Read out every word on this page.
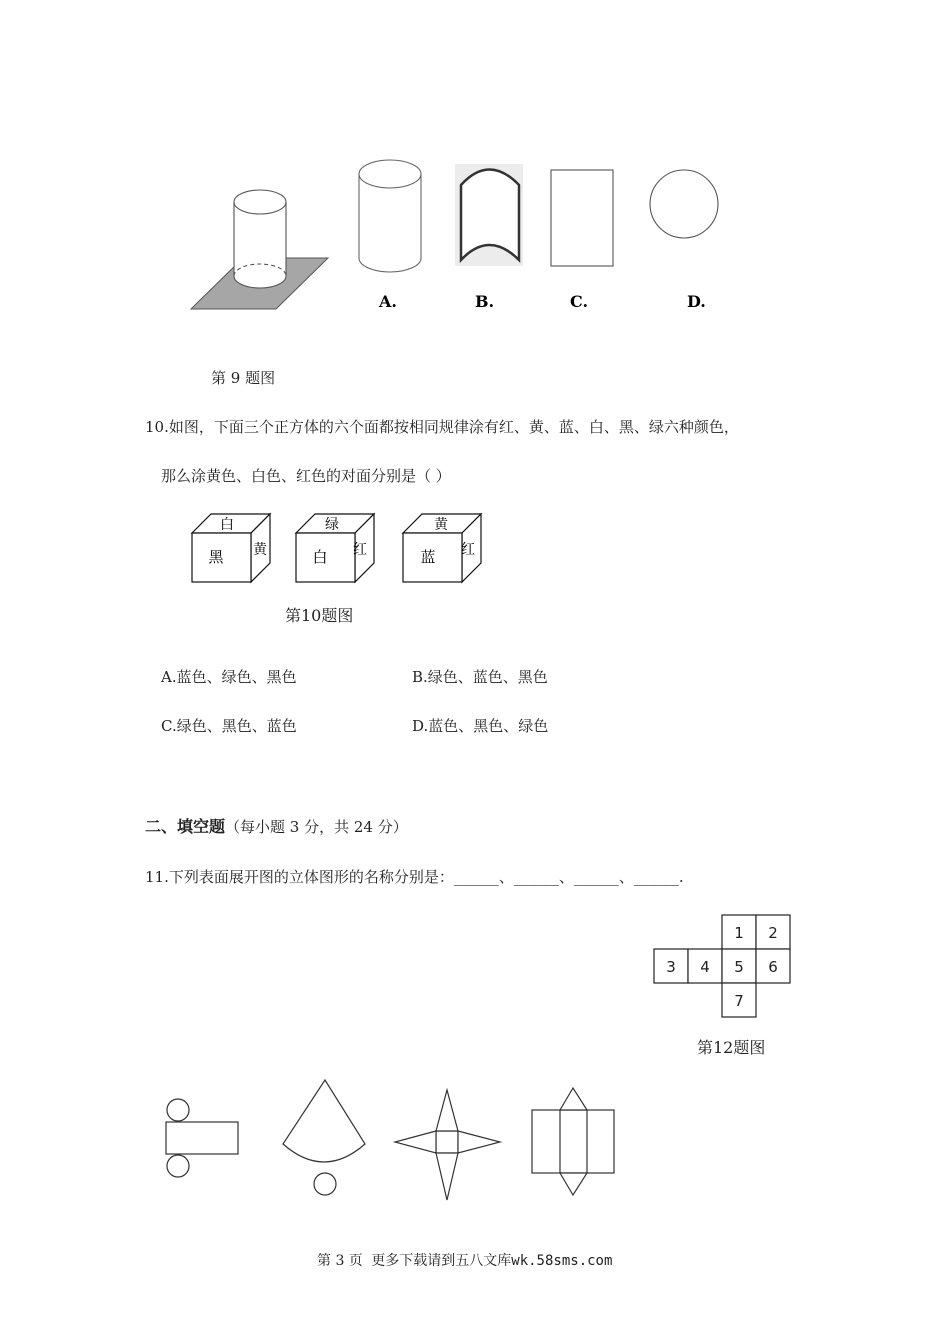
A.	B.	C.	D.
第 9 题图
10.如图，下面三个正方体的六个面都按相同规律涂有红、黄、蓝、白、黑、绿六种颜色，
那么涂黄色、白色、红色的对面分别是（ ）
白
黑 黄
绿
白 红
黄
蓝 红
第10题图
A.蓝色、绿色、黑色	B.绿色、蓝色、黑色
C.绿色、黑色、蓝色	D.蓝色、黑色、绿色
二、填空题（每小题 3 分，共 24 分）
11.下列表面展开图的立体图形的名称分别是：______、______、______、______.
1 2
3 4 5 6
7
第12题图
第 3 页 更多下载请到五八文库wk.58sms.com
